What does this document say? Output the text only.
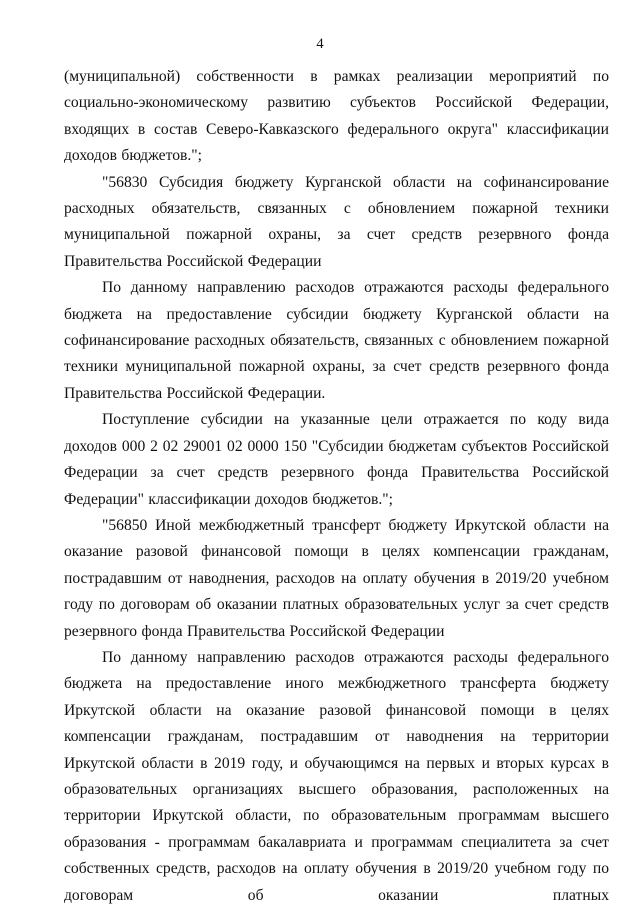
4

(муниципальной) собственности в рамках реализации мероприятий по социально-экономическому развитию субъектов Российской Федерации, входящих в состав Северо-Кавказского федерального округа" классификации доходов бюджетов.";

"56830 Субсидия бюджету Курганской области на софинансирование расходных обязательств, связанных с обновлением пожарной техники муниципальной пожарной охраны, за счет средств резервного фонда Правительства Российской Федерации

По данному направлению расходов отражаются расходы федерального бюджета на предоставление субсидии бюджету Курганской области на софинансирование расходных обязательств, связанных с обновлением пожарной техники муниципальной пожарной охраны, за счет средств резервного фонда Правительства Российской Федерации.

Поступление субсидии на указанные цели отражается по коду вида доходов 000 2 02 29001 02 0000 150 "Субсидии бюджетам субъектов Российской Федерации за счет средств резервного фонда Правительства Российской Федерации" классификации доходов бюджетов.";

"56850 Иной межбюджетный трансферт бюджету Иркутской области на оказание разовой финансовой помощи в целях компенсации гражданам, пострадавшим от наводнения, расходов на оплату обучения в 2019/20 учебном году по договорам об оказании платных образовательных услуг за счет средств резервного фонда Правительства Российской Федерации

По данному направлению расходов отражаются расходы федерального бюджета на предоставление иного межбюджетного трансферта бюджету Иркутской области на оказание разовой финансовой помощи в целях компенсации гражданам, пострадавшим от наводнения на территории Иркутской области в 2019 году, и обучающимся на первых и вторых курсах в образовательных организациях высшего образования, расположенных на территории Иркутской области, по образовательным программам высшего образования - программам бакалавриата и программам специалитета за счет собственных средств, расходов на оплату обучения в 2019/20 учебном году по договорам об оказании платных
